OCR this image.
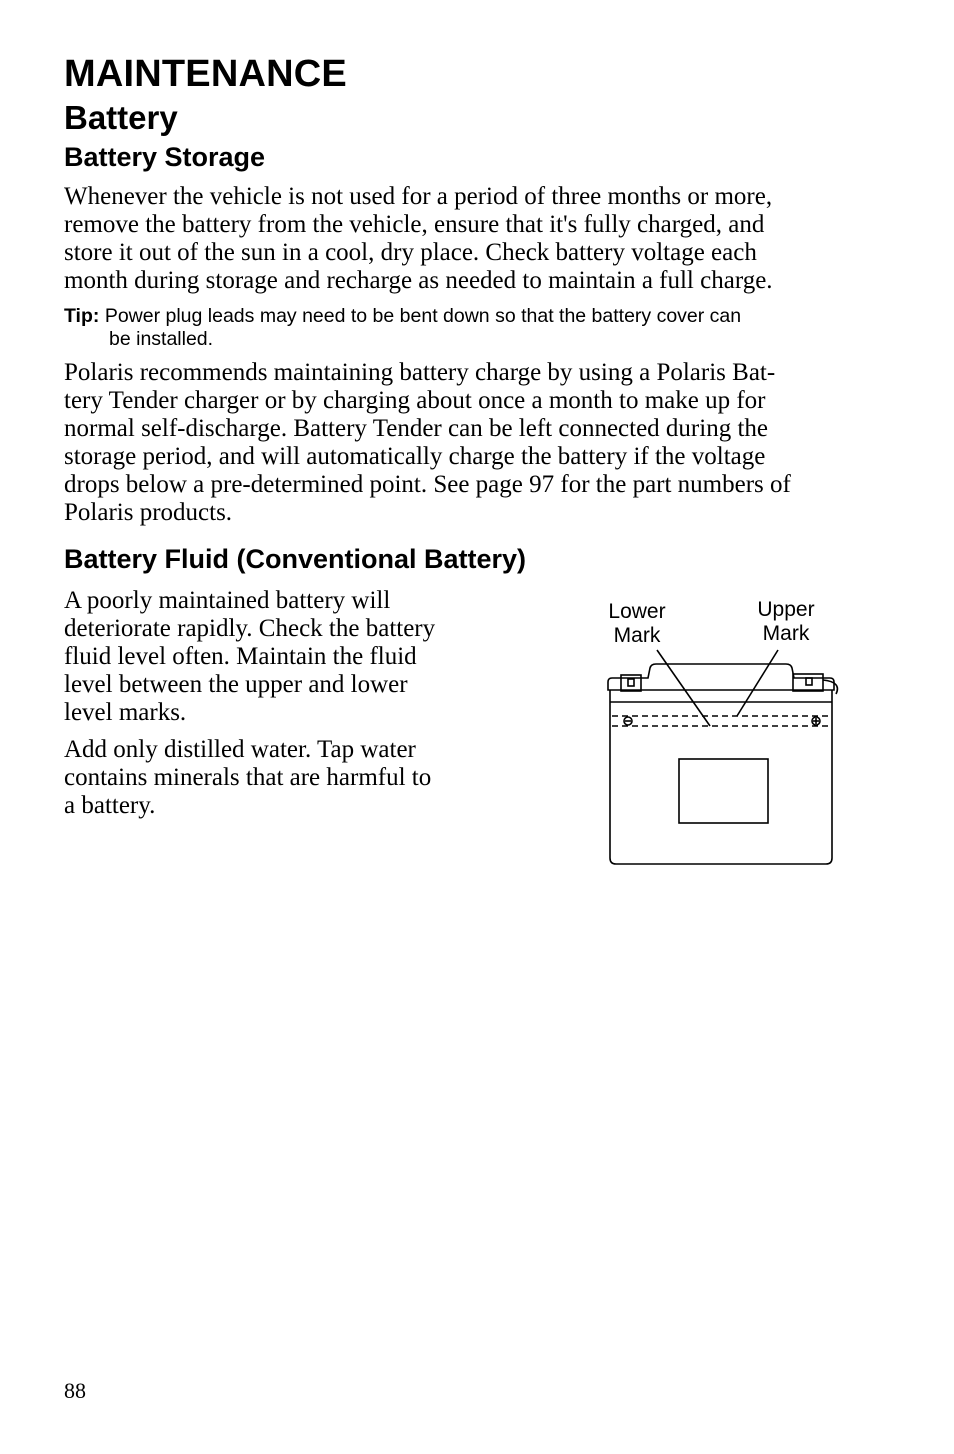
MAINTENANCE
Battery
Battery Storage
Whenever the vehicle is not used for a period of three months or more,
remove the battery from the vehicle, ensure that it's fully charged, and
store it out of the sun in a cool, dry place. Check battery voltage each
month during storage and recharge as needed to maintain a full charge.
Tip: Power plug leads may need to be bent down so that the battery cover can
be installed.
Polaris recommends maintaining battery charge by using a Polaris Bat-
tery Tender charger or by charging about once a month to make up for
normal self-discharge. Battery Tender can be left connected during the
storage period, and will automatically charge the battery if the voltage
drops below a pre-determined point. See page 97 for the part numbers of
Polaris products.
Battery Fluid (Conventional Battery)
A poorly maintained battery will
deteriorate rapidly. Check the battery
fluid level often. Maintain the fluid
level between the upper and lower
level marks.
Add only distilled water. Tap water
contains minerals that are harmful to
a battery.
Lower
Mark
Upper
Mark
88
